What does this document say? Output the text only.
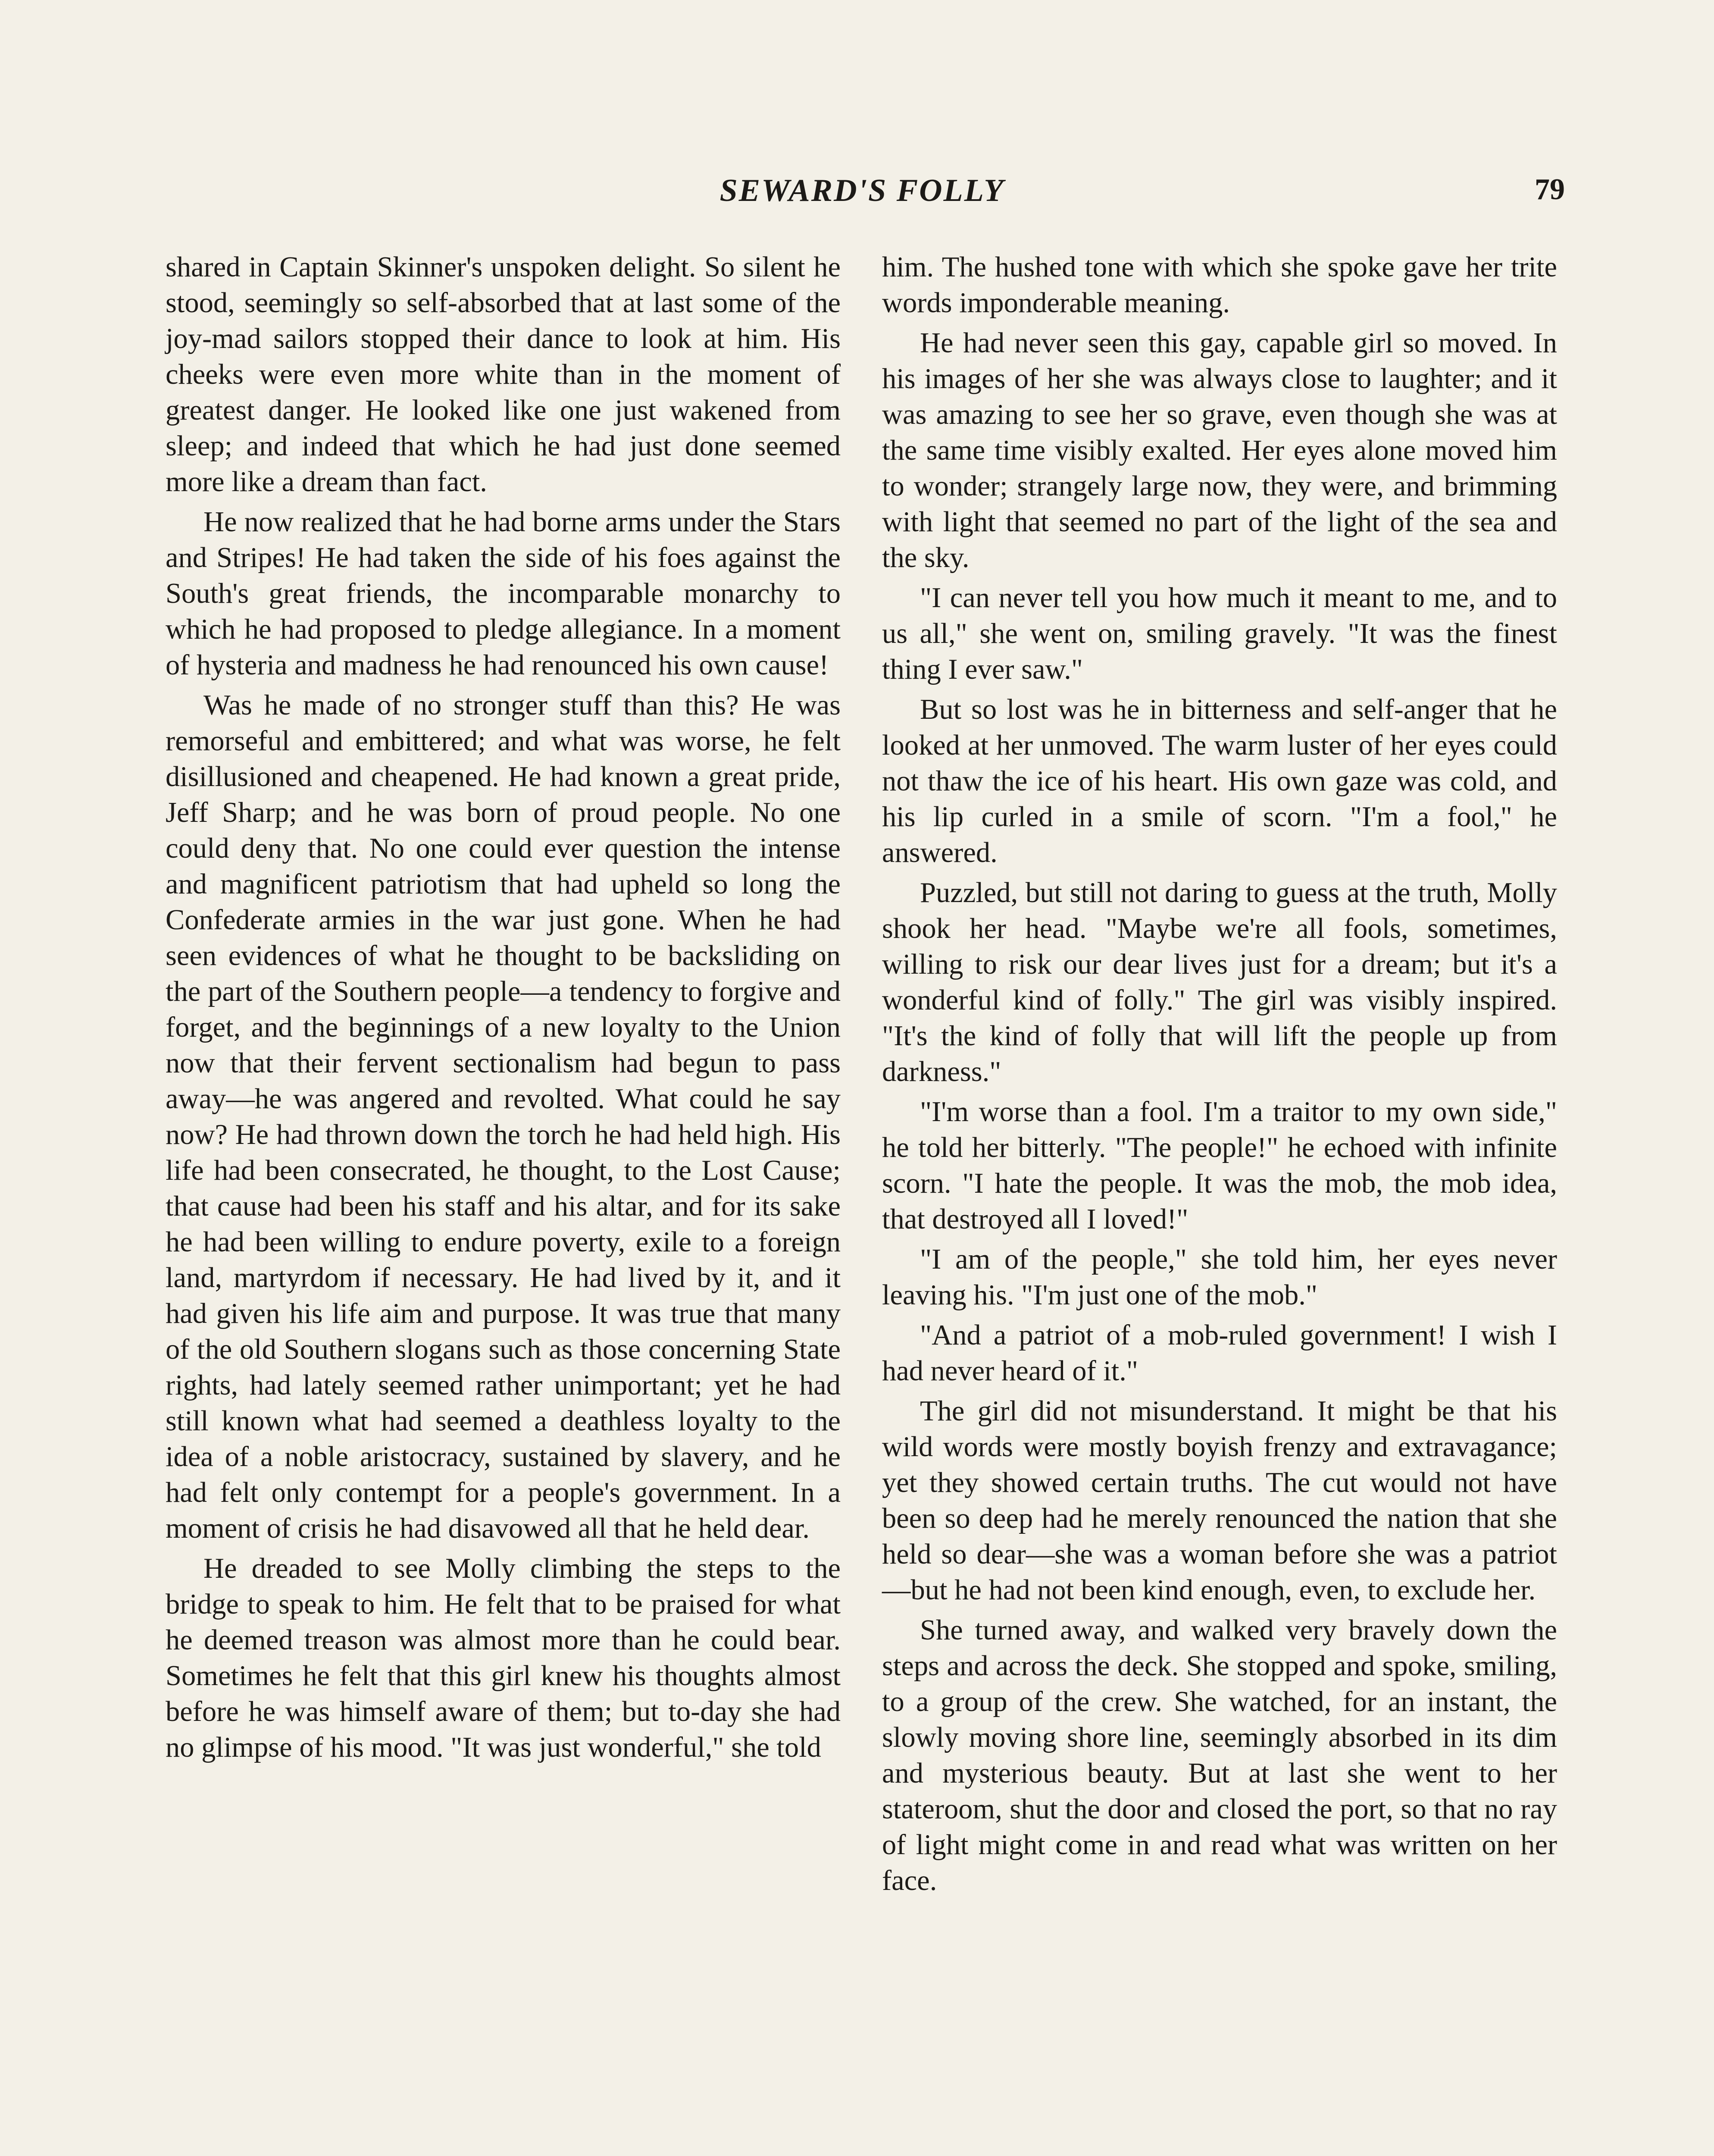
SEWARD'S FOLLY	79

shared in Captain Skinner's unspoken delight. So silent he stood, seemingly so self-absorbed that at last some of the joy-mad sailors stopped their dance to look at him. His cheeks were even more white than in the moment of greatest danger. He looked like one just wakened from sleep; and indeed that which he had just done seemed more like a dream than fact.

He now realized that he had borne arms under the Stars and Stripes! He had taken the side of his foes against the South's great friends, the incomparable monarchy to which he had proposed to pledge allegiance. In a moment of hysteria and madness he had renounced his own cause!

Was he made of no stronger stuff than this? He was remorseful and embittered; and what was worse, he felt disillusioned and cheapened. He had known a great pride, Jeff Sharp; and he was born of proud people. No one could deny that. No one could ever question the intense and magnificent patriotism that had upheld so long the Confederate armies in the war just gone. When he had seen evidences of what he thought to be backsliding on the part of the Southern people—a tendency to forgive and forget, and the beginnings of a new loyalty to the Union now that their fervent sectionalism had begun to pass away—he was angered and revolted. What could he say now? He had thrown down the torch he had held high. His life had been consecrated, he thought, to the Lost Cause; that cause had been his staff and his altar, and for its sake he had been willing to endure poverty, exile to a foreign land, martyrdom if necessary. He had lived by it, and it had given his life aim and purpose. It was true that many of the old Southern slogans such as those concerning State rights, had lately seemed rather unimportant; yet he had still known what had seemed a deathless loyalty to the idea of a noble aristocracy, sustained by slavery, and he had felt only contempt for a people's government. In a moment of crisis he had disavowed all that he held dear.

He dreaded to see Molly climbing the steps to the bridge to speak to him. He felt that to be praised for what he deemed treason was almost more than he could bear. Sometimes he felt that this girl knew his thoughts almost before he was himself aware of them; but to-day she had no glimpse of his mood. "It was just wonderful," she told

him. The hushed tone with which she spoke gave her trite words imponderable meaning.

He had never seen this gay, capable girl so moved. In his images of her she was always close to laughter; and it was amazing to see her so grave, even though she was at the same time visibly exalted. Her eyes alone moved him to wonder; strangely large now, they were, and brimming with light that seemed no part of the light of the sea and the sky.

"I can never tell you how much it meant to me, and to us all," she went on, smiling gravely. "It was the finest thing I ever saw."

But so lost was he in bitterness and self-anger that he looked at her unmoved. The warm luster of her eyes could not thaw the ice of his heart. His own gaze was cold, and his lip curled in a smile of scorn. "I'm a fool," he answered.

Puzzled, but still not daring to guess at the truth, Molly shook her head. "Maybe we're all fools, sometimes, willing to risk our dear lives just for a dream; but it's a wonderful kind of folly." The girl was visibly inspired. "It's the kind of folly that will lift the people up from darkness."

"I'm worse than a fool. I'm a traitor to my own side," he told her bitterly. "The people!" he echoed with infinite scorn. "I hate the people. It was the mob, the mob idea, that destroyed all I loved!"

"I am of the people," she told him, her eyes never leaving his. "I'm just one of the mob."

"And a patriot of a mob-ruled government! I wish I had never heard of it."

The girl did not misunderstand. It might be that his wild words were mostly boyish frenzy and extravagance; yet they showed certain truths. The cut would not have been so deep had he merely renounced the nation that she held so dear—she was a woman before she was a patriot—but he had not been kind enough, even, to exclude her.

She turned away, and walked very bravely down the steps and across the deck. She stopped and spoke, smiling, to a group of the crew. She watched, for an instant, the slowly moving shore line, seemingly absorbed in its dim and mysterious beauty. But at last she went to her stateroom, shut the door and closed the port, so that no ray of light might come in and read what was written on her face.
